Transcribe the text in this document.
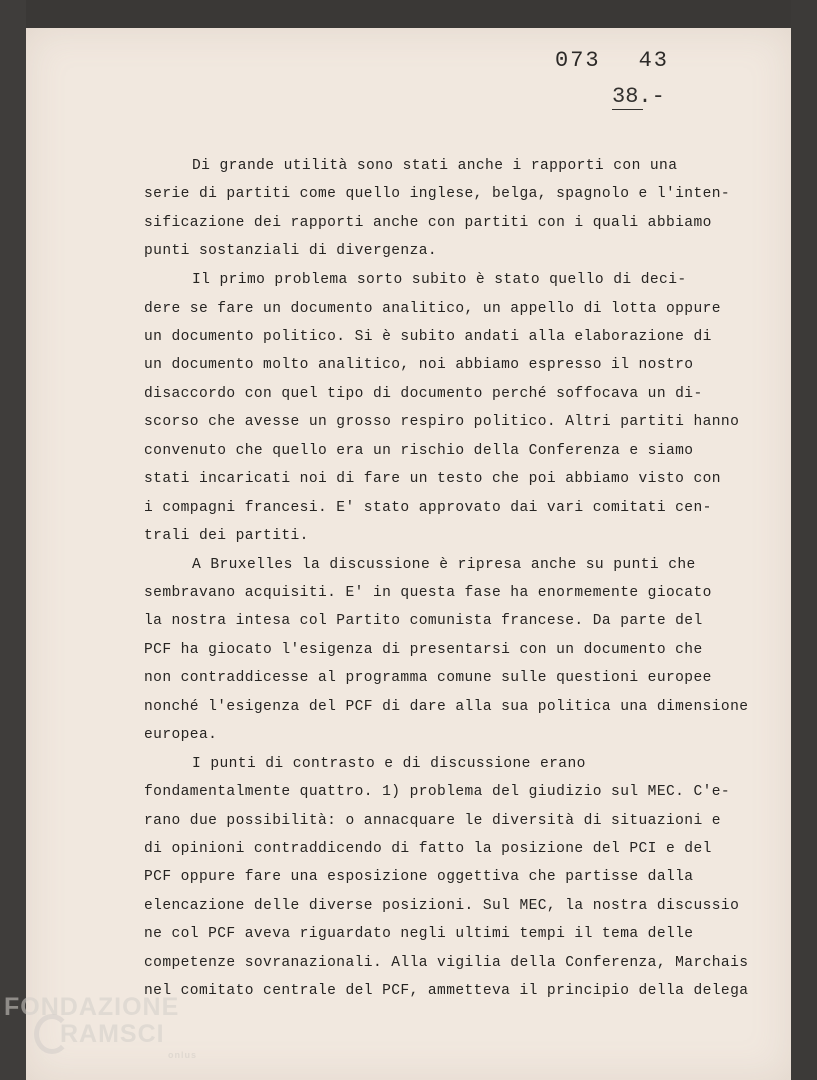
073 43
38.-
Di grande utilità sono stati anche i rapporti con una
serie di partiti come quello inglese, belga, spagnolo e l'inten-
sificazione dei rapporti anche con partiti con i quali abbiamo
punti sostanziali di divergenza.
Il primo problema sorto subito è stato quello di deci-
dere se fare un documento analitico, un appello di lotta oppure
un documento politico. Si è subito andati alla elaborazione di
un documento molto analitico, noi abbiamo espresso il nostro
disaccordo con quel tipo di documento perché soffocava un di-
scorso che avesse un grosso respiro politico. Altri partiti hanno
convenuto che quello era un rischio della Conferenza e siamo
stati incaricati noi di fare un testo che poi abbiamo visto con
i compagni francesi. E' stato approvato dai vari comitati cen-
trali dei partiti.
A Bruxelles la discussione è ripresa anche su punti che
sembravano acquisiti. E' in questa fase ha enormemente giocato
la nostra intesa col Partito comunista francese. Da parte del
PCF ha giocato l'esigenza di presentarsi con un documento che
non contraddicesse al programma comune sulle questioni europee
nonché l'esigenza del PCF di dare alla sua politica una dimensione
europea.
I punti di contrasto e di discussione erano
fondamentalmente quattro. 1) problema del giudizio sul MEC. C'e-
rano due possibilità: o annacquare le diversità di situazioni e
di opinioni contraddicendo di fatto la posizione del PCI e del
PCF oppure fare una esposizione oggettiva che partisse dalla
elencazione delle diverse posizioni. Sul MEC, la nostra discussio
ne col PCF aveva riguardato negli ultimi tempi il tema delle
competenze sovranazionali. Alla vigilia della Conferenza, Marchais
nel comitato centrale del PCF, ammetteva il principio della delega
FONDAZIONE
RAMSCI
onlus
